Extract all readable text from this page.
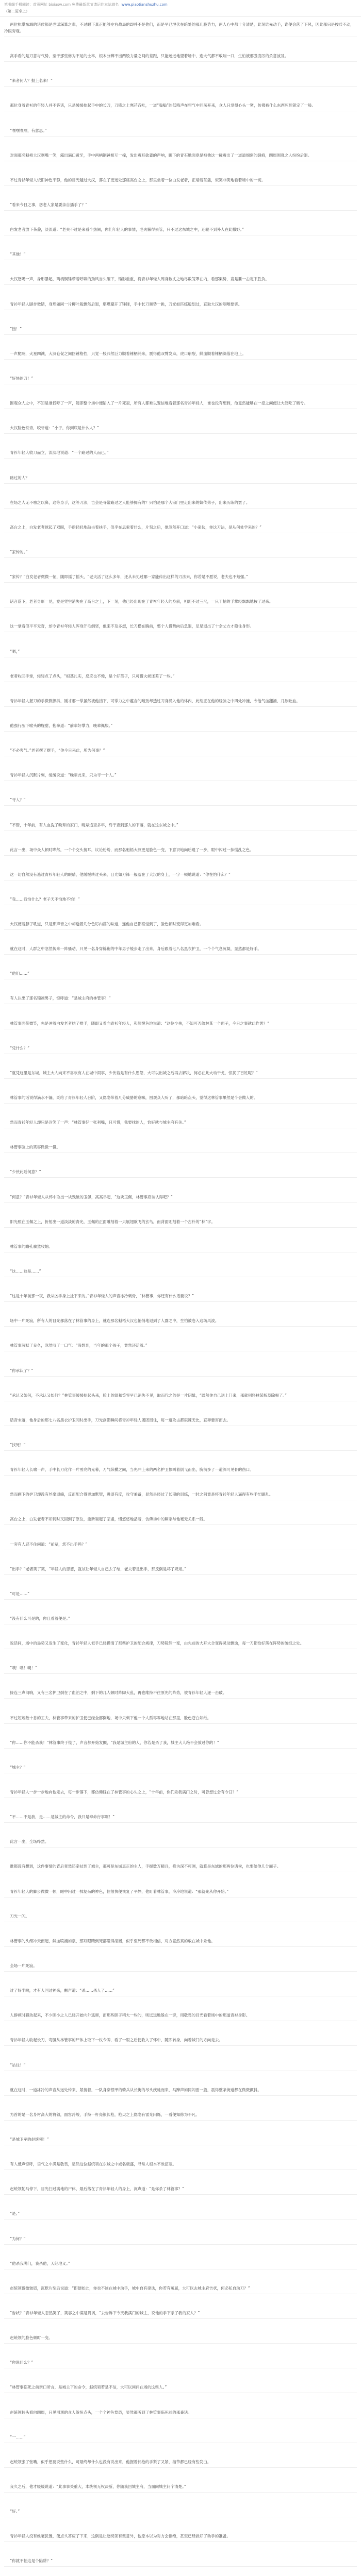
笔书阁手机阅读：首页网址 bixiasw.com 免费最新章节请记住本站域名 www.piaotianshuzhu.com
（第二更奉上）

两位执掌东域的诸侯都是老谋深算之辈，不过眼下真正能够左右战局的却并不是他们，而是早已埋伏在暗处的那几股势力，两人心中都十分清楚，此刻谁先动手，谁便会落了下风，因此都只是按兵不动，冷眼旁观。

高手看的是刀意与气势，至于那些修为不足的士卒，根本分辨不出两股力量之间的差距，只能远远地望着场中，连大气都不敢喘一口，生怕被那股凌厉的杀意波及。

“来者何人？报上名来！”

那位身着青衫的年轻人并不答话，只是缓缓抬起手中的长刀，刀锋之上寒芒吞吐，一道“嗡嗡”的低鸣声在空气中回荡开来，众人只觉得心头一紧，仿佛被什么东西死死锁定了一般。

“嘿嘿嘿嘿，有意思。”

对面那名魁梧大汉咧嘴一笑，露出满口黄牙，手中两柄铜锤相互一撞，发出震耳欲聋的声响，脚下的青石地面竟是被他这一撞震出了一道道细密的裂痕，四周围观之人纷纷后退。

不过青衫年轻人依旧神色平静，他的目光越过大汉，落在了更远处那座高台之上，那里坐着一位白发老者，正端着茶盏，似笑非笑地看着场中的一切。

“看来今日之事，您老人家是要亲自插手了？”

白发老者放下茶盏，淡淡道：“老夫不过是来看个热闹，你们年轻人的事情，老夫懒得去管，只不过这东城之中，还轮不到外人在此撒野。”

“其他！”

大汉怒喝一声，身形暴起，两柄铜锤带着呼啸的劲风当头砸下，锤影重重，将青衫年轻人周身数丈之地尽数笼罩在内，看那架势，竟是要一击定下胜负。

青衫年轻人脚步微错，身形如同一片柳叶般飘然后退，堪堪避开了锤锋，手中长刀顺势一挑，刀光如匹练般划过，直取大汉的咽喉要害。

“铛！”

一声脆响，火星四溅，大汉仓促之间回锤格挡，只觉一股沛然巨力顺着锤柄涌来，震得他双臂发麻，虎口崩裂，鲜血顺着锤柄滴落在地上。

“好快的刀！”

围观众人之中，不知是谁低呼了一声，随即整个场中便陷入了一片死寂，所有人都难以置信地看着那名青衫年轻人，谁也没有想到，他竟然能够在一招之间便让大汉吃了暗亏。

大汉脸色铁青，咬牙道：“小子，你到底是什么人？”

青衫年轻人收刀而立，淡淡地说道：“一个路过的人而已。”

路过的人？

在场之人无不嗤之以鼻，这等身手，这等刀法，岂会是寻常路过之人能够拥有的？只怕是哪个大宗门里走出来的嫡传弟子，出来历练的罢了。

高台之上，白发老者眯起了双眼，手指轻轻地敲击着扶手，似乎在思索着什么，片刻之后，他忽然开口道：“小家伙，你这刀法，是从何处学来的？”

“家传的。”

“家传？”白发老者微微一怔，随即摇了摇头，“老夫活了这么多年，还从未见过哪一家能传出这样的刀法来，你若是不愿说，老夫也不勉强。”

话音落下，老者身形一晃，竟是凭空消失在了高台之上，下一刻，他已经出现在了青衫年轻人的身前，相距不过三尺，一只干枯的手掌轻飘飘地按了过来。

这一掌看似平平无奇，却令青衫年轻人浑身汗毛倒竖，他来不及多想，长刀横在胸前，整个人借势向后急退，足足退出了十余丈方才稳住身形。

“嗯，”

老者收回手掌，轻轻点了点头，“根基扎实，反应也不慢，是个好苗子，只可惜火候还差了一些。”

青衫年轻人握刀的手微微颤抖，刚才那一掌虽然被他挡下，可掌力之中蕴含的暗劲却透过刀身涌入他的体内，此刻正在他的经脉之中四处冲撞，令他气血翻涌，几欲吐血。

他强行压下喉头的腥甜，抱拳道：“前辈好掌力，晚辈佩服。”

“不必客气。”老者摆了摆手，“你今日来此，所为何事？”

青衫年轻人沉默片刻，缓缓说道：“晚辈此来，只为寻一个人。”

“寻人？”

“不错，十年前，有人血洗了晚辈的家门，晚辈追查多年，终于查到那人的下落，就在这东城之中。”

此言一出，场中众人顿时哗然，一个个交头接耳，议论纷纷，而那名魁梧大汉更是脸色一变，下意识地向后退了一步，眼中闪过一抹慌乱之色。

这一切自然没有逃过青衫年轻人的眼睛，他缓缓转过头来，目光如刀锋一般落在了大汉的身上，一字一顿地说道：“你在怕什么？”

“我……我怕什么？老子天不怕地不怕！”

大汉梗着脖子吼道，只是那声音之中却透着几分色厉内荏的味道，连他自己都察觉到了，脸色顿时变得更加难看。

就在这时，人群之中忽然传来一阵骚动，只见一名身穿锦袍的中年男子缓步走了出来，身后跟着七八名黑衣护卫，一个个气息沉凝，显然都是好手。

“他们……”

有人认出了那名锦袍男子，惊呼道：“是城主府的林管事！”

林管事面带微笑，先是冲着白发老者拱了拱手，随即又看向青衫年轻人，和颜悦色地说道：“这位少侠，不知可否给林某一个面子，今日之事就此作罢？”

“凭什么？”

“就凭这里是东城，城主大人向来不喜欢有人在城中闹事，少侠若是有什么恩怨，大可以出城之后再去解决，何必在此大动干戈，惊扰了百姓呢？”

林管事的话说得滴水不漏，既给了青衫年轻人台阶，又隐隐带着几分威胁的意味，围观众人听了，都暗暗点头，觉得这林管事果然是个会做人的。

然而青衫年轻人却只是冷笑了一声：“林管事好一张利嘴，只可惜，我要找的人，恰好就与城主府有关。”

林管事脸上的笑容微微一僵。

“少侠此话何意？”

“何意？”青衫年轻人从怀中取出一块残破的玉佩，高高举起，“这块玉佩，林管事应该认得吧？”

阳光照在玉佩之上，折射出一道淡淡的青光，玉佩的正面雕刻着一只展翅欲飞的玄鸟，而背面则刻着一个古朴的“林”字。

林管事的瞳孔骤然收缩。

“这……这是……”

“这是十年前那一夜，我从凶手身上扯下来的。”青衫年轻人的声音冰冷刺骨，“林管事，你还有什么话要说？”

场中一片死寂，所有人的目光都落在了林管事的身上，就连那名魁梧大汉也悄悄地退到了人群之中，生怕被卷入这场风波。

林管事沉默了良久，忽然叹了一口气：“没想到，当年的那个孩子，竟然还活着。”

“你承认了？”

“承认又如何，不承认又如何？”林管事缓缓抬起头来，脸上的温和笑容早已消失不见，取而代之的是一片阴鸷，“既然你自己送上门来，那就别怪林某斩草除根了。”

话音未落，他身后的那七八名黑衣护卫同时出手，刀光剑影瞬间将青衫年轻人团团围住，每一道攻击都狠辣无比，直奔要害而去。

“找死！”

青衫年轻人长啸一声，手中长刀化作一片雪亮的光幕，刀气纵横之间，当先冲上来的两名护卫惨叫着倒飞而出，胸前多了一道深可见骨的伤口。

然而剩下的护卫却没有丝毫退缩，反而配合得更加默契，进退有度，攻守兼备，显然是经过了长期的训练，一时之间竟是将青衫年轻人逼得有些手忙脚乱。

高台之上，白发老者不知何时又回到了原位，重新端起了茶盏，慢悠悠地品着，仿佛场中的厮杀与他毫无关系一般。

一旁有人忍不住问道：“前辈，您不出手吗？”

“出手？”老者笑了笑，“年轻人的恩怨，就该让年轻人自己去了结，老夫若是出手，那反倒是坏了规矩。”

“可是……”

“没有什么可是的，你且看着便是。”

说话间，场中的局势又发生了变化，青衫年轻人似乎已经摸清了那些护卫的配合规律，刀势陡然一变，由先前的大开大合变得灵动飘逸，每一刀都恰好落在阵势的破绽之处。

“噗！噗！噗！”

接连三声闷响，又有三名护卫倒在了血泊之中，剩下的几人顿时阵脚大乱，再也维持不住原先的阵势，被青衫年轻人逐一击破。

不过短短数十息的工夫，林管事带来的护卫便已经全部倒地，场中只剩下他一个人孤零零地站在那里，脸色苍白如纸。

“你……你不能杀我！”林管事终于慌了，声音都开始发颤，“我是城主府的人，你若是杀了我，城主大人绝不会放过你的！”

“城主？”

青衫年轻人一步一步地向他走去，每一步落下，都仿佛踩在了林管事的心头之上，“十年前，你们杀我满门之时，可曾想过会有今日？”

“不……不是我，是……是城主的命令，我只是奉命行事啊！”

此言一出，全场哗然。

谁都没有想到，这件事情的背后竟然还牵扯到了城主，那可是东城真正的主人，手握数万精兵，修为深不可测，就算是东域的那两位诸侯，也要给他几分面子。

青衫年轻人的脚步微微一顿，眼中闪过一抹复杂的神色，但很快便恢复了平静，他盯着林管事，冷冷地说道：“那就先从你开始。”

刀光一闪。

林管事的头颅冲天而起，鲜血喷涌如泉，那双眼睛到死都瞪得滚圆，似乎至死都不敢相信，对方竟然真的敢在城中杀他。

全场一片死寂。

过了好半晌，才有人回过神来，颤声道：“杀……杀人了……”

人群顿时骚动起来，不少胆小之人已经开始向外逃窜，而那些胆子稍大一些的，则远远地躲在一旁，用敬畏的目光看着场中的那道青衫身影。

青衫年轻人收起长刀，弯腰从林管事的尸体上取下一枚令牌，看了一眼之后便收入了怀中，随即转身，向着城门的方向走去。

“站住！”

就在这时，一道冰冷的声音从远处传来，紧接着，一队身穿银甲的骑兵从长街的尽头疾驰而来，马蹄声如同闷雷一般，震得整条街道都在微微颤抖。

为首的是一名身材高大的将领，面容冷峻，手持一杆亮银长枪，枪尖之上隐隐有雷光闪烁，一看便知修为不凡。

“是城卫军的赵统领！”

有人低声惊呼，语气之中满是敬畏，显然这位赵统领在东城之中威名极盛，寻常人根本不敢招惹。

赵统领勒马停下，目光扫过满地的尸体，最后落在了青衫年轻人的身上，沉声道：“是你杀了林管事？”

“是。”

“为何？”

“他杀我满门，我杀他，天经地义。”

赵统领微微皱眉，沉默片刻后说道：“即便如此，你也不该在城中动手，城中自有律法，你若有冤屈，大可以去城主府告状，何必私自动刀？”

“告状？”青衫年轻人忽然笑了，笑容之中满是讥讽，“去告诉下令灭我满门的城主，说他的手下杀了我的家人？”

赵统领的脸色顿时一变。

“你说什么？”

“林管事临死之前亲口所言，是城主下的命令，赵统领若是不信，大可以问问在场的这些人。”

赵统领转头看向四周，只见围观的众人纷纷点头，一个个神色惶恐，显然都听到了林管事临死前的那番话。

“一……”

赵统领张了张嘴，似乎想要说些什么，可最终却什么也没有说出来，他握着长枪的手紧了又紧，指节都已经有些发白。

良久之后，他才缓缓说道：“此事事关重大，本统领无权决断，你随我回城主府，当面向城主问个清楚。”

“好。”

青衫年轻人没有丝毫犹豫，便点头答应了下来，这倒是让赵统领有些意外，他原本以为对方会拒绝，甚至已经做好了动手的准备。

“你就不怕这是个陷阱？”
